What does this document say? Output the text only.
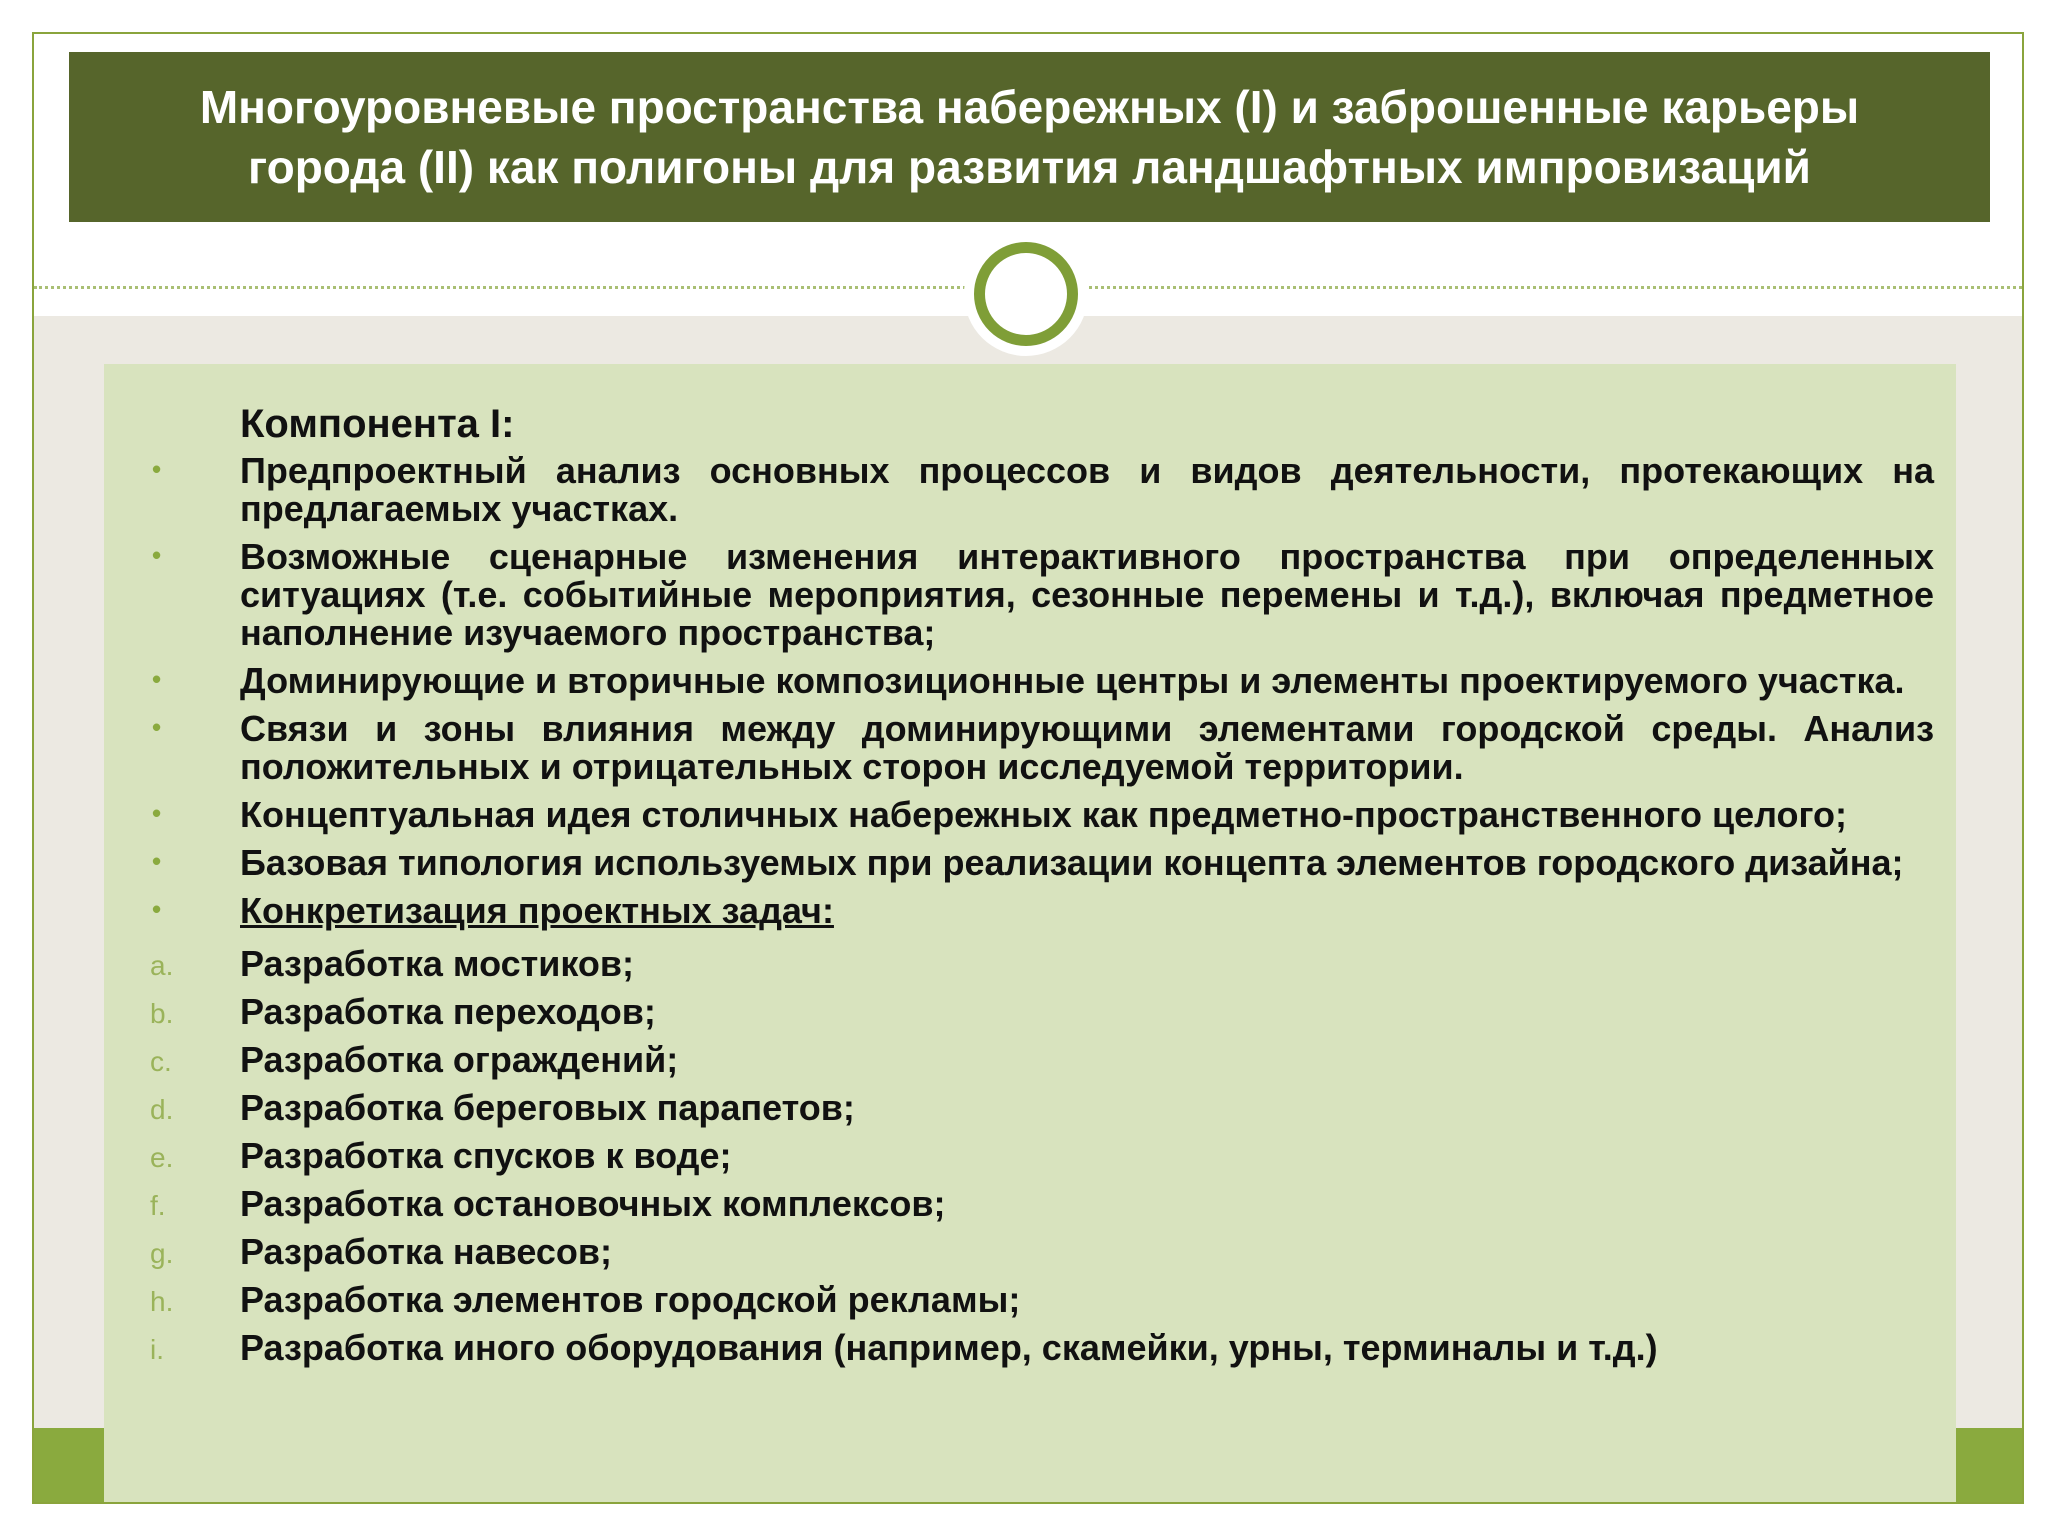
Многоуровневые пространства набережных (I) и заброшенные карьеры
города (II) как полигоны для развития ландшафтных импровизаций
Компонента I:
• Предпроектный анализ основных процессов и видов деятельности, протекающих на предлагаемых участках.
• Возможные сценарные изменения интерактивного пространства при определенных ситуациях (т.е. событийные мероприятия, сезонные перемены и т.д.), включая предметное наполнение изучаемого пространства;
• Доминирующие и вторичные композиционные центры и элементы проектируемого участка.
• Связи и зоны влияния между доминирующими элементами городской среды. Анализ положительных и отрицательных сторон исследуемой территории.
• Концептуальная идея столичных набережных как предметно-пространственного целого;
• Базовая типология используемых при реализации концепта элементов городского дизайна;
• Конкретизация проектных задач:
a. Разработка мостиков;
b. Разработка переходов;
c. Разработка ограждений;
d. Разработка береговых парапетов;
e. Разработка спусков к воде;
f. Разработка остановочных комплексов;
g. Разработка навесов;
h. Разработка элементов городской рекламы;
i. Разработка иного оборудования (например, скамейки, урны, терминалы и т.д.)
